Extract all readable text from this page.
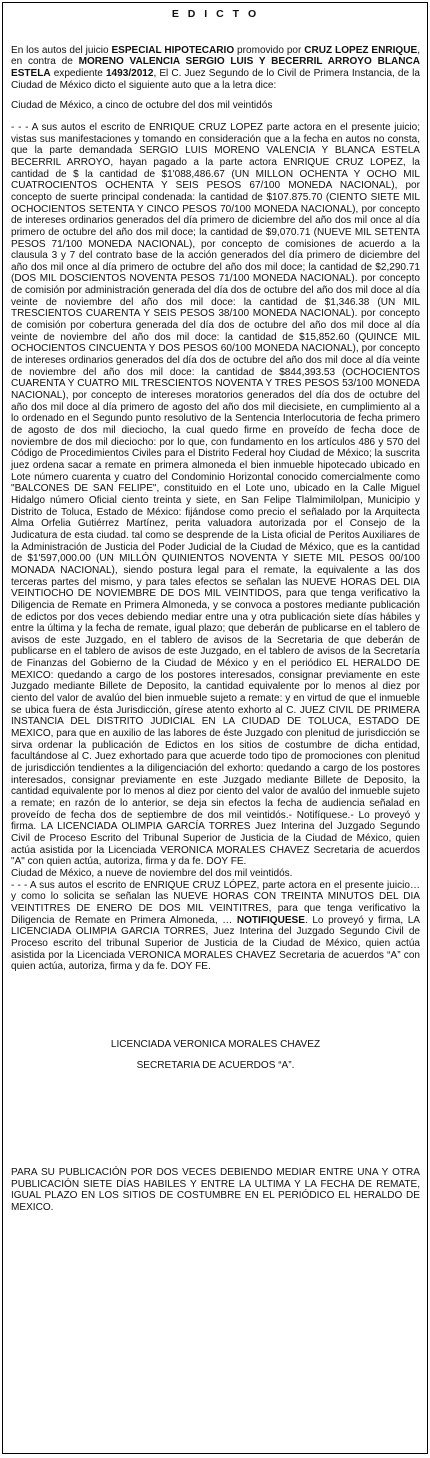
E D I C T O

En los autos del juicio ESPECIAL HIPOTECARIO promovido por CRUZ LOPEZ ENRIQUE, en contra de MORENO VALENCIA SERGIO LUIS Y BECERRIL ARROYO BLANCA ESTELA expediente 1493/2012, El C. Juez Segundo de lo Civil de Primera Instancia, de la Ciudad de México dicto el siguiente auto que a la letra dice:

Ciudad de México, a cinco de octubre del dos mil veintidós

- - - A sus autos el escrito de ENRIQUE CRUZ LOPEZ parte actora en el presente juicio; vistas sus manifestaciones y tomando en consideración que a la fecha en autos no consta, que la parte demandada SERGIO LUIS MORENO VALENCIA Y BLANCA ESTELA BECERRIL ARROYO, hayan pagado a la parte actora ENRIQUE CRUZ LOPEZ, la cantidad de $ la cantidad de $1'088,486.67 (UN MILLON OCHENTA Y OCHO MIL CUATROCIENTOS OCHENTA Y SEIS PESOS 67/100 MONEDA NACIONAL), por concepto de suerte principal condenada: la cantidad de $107.875.70 (CIENTO SIETE MIL OCHOCIENTOS SETENTA Y CINCO PESOS 70/100 MONEDA NACIONAL), por concepto de intereses ordinarios generados del día primero de diciembre del año dos mil once al día primero de octubre del año dos mil doce; la cantidad de $9,070.71 (NUEVE MIL SETENTA PESOS 71/100 MONEDA NACIONAL), por concepto de comisiones de acuerdo a la clausula 3 y 7 del contrato base de la acción generados del día primero de diciembre del año dos mil once al día primero de octubre del año dos mil doce; la cantidad de $2,290.71 (DOS MIL DOSCIENTOS NOVENTA PESOS 71/100 MONEDA NACIONAL). por concepto de comisión por administración generada del día dos de octubre del año dos mil doce al día veinte de noviembre del año dos mil doce: la cantidad de $1,346.38 (UN MIL TRESCIENTOS CUARENTA Y SEIS PESOS 38/100 MONEDA NACIONAL). por concepto de comisión por cobertura generada del día dos de octubre del año dos mil doce al día veinte de noviembre del año dos mil doce: la cantidad de $15,852.60 (QUINCE MIL OCHOCIENTOS CINCUENTA Y DOS PESOS 60/100 MONEDA NACIONAL), por concepto de intereses ordinarios generados del día dos de octubre del año dos mil doce al día veinte de noviembre del año dos mil doce: la cantidad de $844,393.53 (OCHOCIENTOS CUARENTA Y CUATRO MIL TRESCIENTOS NOVENTA Y TRES PESOS 53/100 MONEDA NACIONAL), por concepto de intereses moratorios generados del día dos de octubre del año dos mil doce al día primero de agosto del año dos mil diecisiete, en cumplimiento al a lo ordenado en el Segundo punto resolutivo de la Sentencia Interlocutoria de fecha primero de agosto de dos mil dieciocho, la cual quedo firme en proveído de fecha doce de noviembre de dos mil dieciocho: por lo que, con fundamento en los artículos 486 y 570 del Código de Procedimientos Civiles para el Distrito Federal hoy Ciudad de México; la suscrita juez ordena sacar a remate en primera almoneda el bien inmueble hipotecado ubicado en Lote número cuarenta y cuatro del Condominio Horizontal conocido comercialmente como "BALCONES DE SAN FELIPE", constituido en el Lote uno, ubicado en la Calle Miguel Hidalgo número Oficial ciento treinta y siete, en San Felipe Tlalmimilolpan, Municipio y Distrito de Toluca, Estado de México: fijándose como precio el señalado por la Arquitecta Alma Orfelia Gutiérrez Martínez, perita valuadora autorizada por el Consejo de la Judicatura de esta ciudad. tal como se desprende de la Lista oficial de Peritos Auxiliares de la Administración de Justicia del Poder Judicial de la Ciudad de México, que es la cantidad de $1'597,000.00 (UN MILLÓN QUINIENTOS NOVENTA Y SIETE MIL PESOS 00/100 MONADA NACIONAL), siendo postura legal para el remate, la equivalente a las dos terceras partes del mismo, y para tales efectos se señalan las NUEVE HORAS DEL DIA VEINTIOCHO DE NOVIEMBRE DE DOS MIL VEINTIDOS, para que tenga verificativo la Diligencia de Remate en Primera Almoneda, y se convoca a postores mediante publicación de edictos por dos veces debiendo mediar entre una y otra publicación siete días hábiles y entre la última y la fecha de remate, igual plazo; que deberán de publicarse en el tablero de avisos de este Juzgado, en el tablero de avisos de la Secretaria de que deberán de publicarse en el tablero de avisos de este Juzgado, en el tablero de avisos de la Secretaría de Finanzas del Gobierno de la Ciudad de México y en el periódico EL HERALDO DE MEXICO: quedando a cargo de los postores interesados, consignar previamente en este Juzgado mediante Billete de Deposito, la cantidad equivalente por lo menos al diez por ciento del valor de avalúo del bien inmueble sujeto a remate: y en virtud de que el inmueble se ubica fuera de ésta Jurisdicción, gírese atento exhorto al C. JUEZ CIVIL DE PRIMERA INSTANCIA DEL DISTRITO JUDICIAL EN LA CIUDAD DE TOLUCA, ESTADO DE MEXICO, para que en auxilio de las labores de éste Juzgado con plenitud de jurisdicción se sirva ordenar la publicación de Edictos en los sitios de costumbre de dicha entidad, facultándose al C. Juez exhortado para que acuerde todo tipo de promociones con plenitud de jurisdicción tendientes a la diligenciación del exhorto: quedando a cargo de los postores interesados, consignar previamente en este Juzgado mediante Billete de Deposito, la cantidad equivalente por lo menos al diez por ciento del valor de avalúo del inmueble sujeto a remate; en razón de lo anterior, se deja sin efectos la fecha de audiencia señalad en proveído de fecha dos de septiembre de dos mil veintidós.- Notifíquese.- Lo proveyó y firma. LA LICENCIADA OLIMPIA GARCÍA TORRES Juez Interina del Juzgado Segundo Civil de Proceso Escrito del Tribunal Superior de Justicia de la Ciudad de México, quien actúa asistida por la Licenciada VERONICA MORALES CHAVEZ Secretaria de acuerdos "A" con quien actúa, autoriza, firma y da fe. DOY FE.

Ciudad de México, a nueve de noviembre del dos mil veintidós.

- - - A sus autos el escrito de ENRIQUE CRUZ LÓPEZ, parte actora en el presente juicio… y como lo solicita se señalan las NUEVE HORAS CON TREINTA MINUTOS DEL DIA VEINTITRES DE ENERO DE DOS MIL VEINTITRES, para que tenga verificativo la Diligencia de Remate en Primera Almoneda, … NOTIFIQUESE. Lo proveyó y firma, LA LICENCIADA OLIMPIA GARCIA TORRES, Juez Interina del Juzgado Segundo Civil de Proceso escrito del tribunal Superior de Justicia de la Ciudad de México, quien actúa asistida por la Licenciada VERONICA MORALES CHAVEZ Secretaria de acuerdos “A” con quien actúa, autoriza, firma y da fe. DOY FE.

LICENCIADA VERONICA MORALES CHAVEZ

SECRETARIA DE ACUERDOS “A”.

PARA SU PUBLICACIÓN POR DOS VECES DEBIENDO MEDIAR ENTRE UNA Y OTRA PUBLICACIÓN SIETE DÍAS HABILES Y ENTRE LA ULTIMA Y LA FECHA DE REMATE, IGUAL PLAZO EN LOS SITIOS DE COSTUMBRE EN EL PERIÓDICO EL HERALDO DE MEXICO.
